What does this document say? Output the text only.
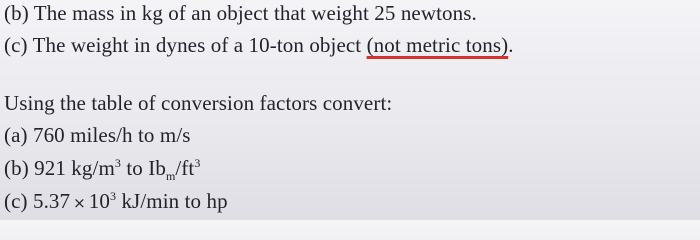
(b) The mass in kg of an object that weight 25 newtons.
(c) The weight in dynes of a 10-ton object (not metric tons).
Using the table of conversion factors convert:
(a) 760 miles/h to m/s
(b) 921 $kg/m^3$ to $Ib_m/ft^3$
(c) $5.37 \times 10^3$ kJ/min to hp
